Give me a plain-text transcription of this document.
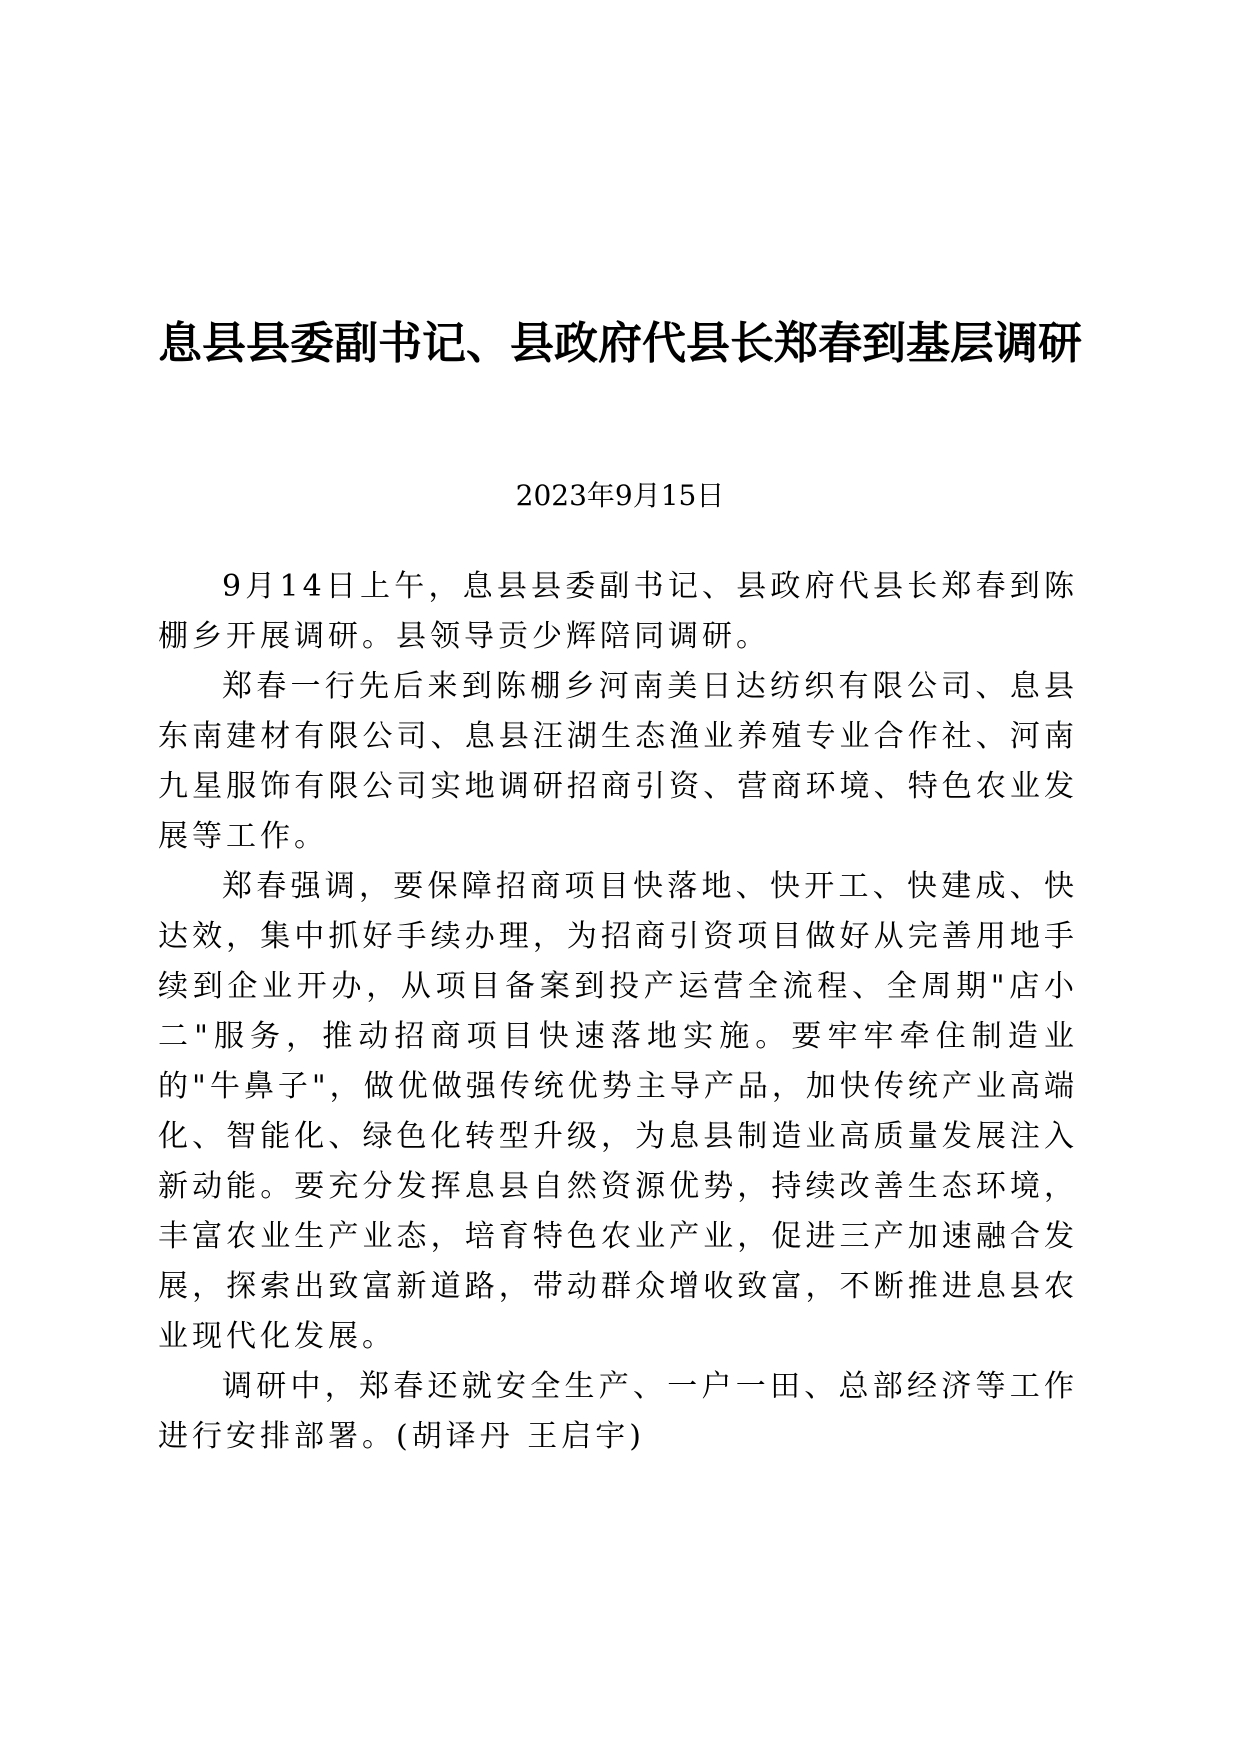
息县县委副书记、县政府代县长郑春到基层调研
2023年9月15日

9月14日上午，息县县委副书记、县政府代县长郑春到陈棚乡开展调研。县领导贡少辉陪同调研。

郑春一行先后来到陈棚乡河南美日达纺织有限公司、息县东南建材有限公司、息县汪湖生态渔业养殖专业合作社、河南九星服饰有限公司实地调研招商引资、营商环境、特色农业发展等工作。

郑春强调，要保障招商项目快落地、快开工、快建成、快达效，集中抓好手续办理，为招商引资项目做好从完善用地手续到企业开办，从项目备案到投产运营全流程、全周期"店小二"服务，推动招商项目快速落地实施。要牢牢牵住制造业的"牛鼻子"，做优做强传统优势主导产品，加快传统产业高端化、智能化、绿色化转型升级，为息县制造业高质量发展注入新动能。要充分发挥息县自然资源优势，持续改善生态环境，丰富农业生产业态，培育特色农业产业，促进三产加速融合发展，探索出致富新道路，带动群众增收致富，不断推进息县农业现代化发展。

调研中，郑春还就安全生产、一户一田、总部经济等工作进行安排部署。(胡译丹 王启宇)
